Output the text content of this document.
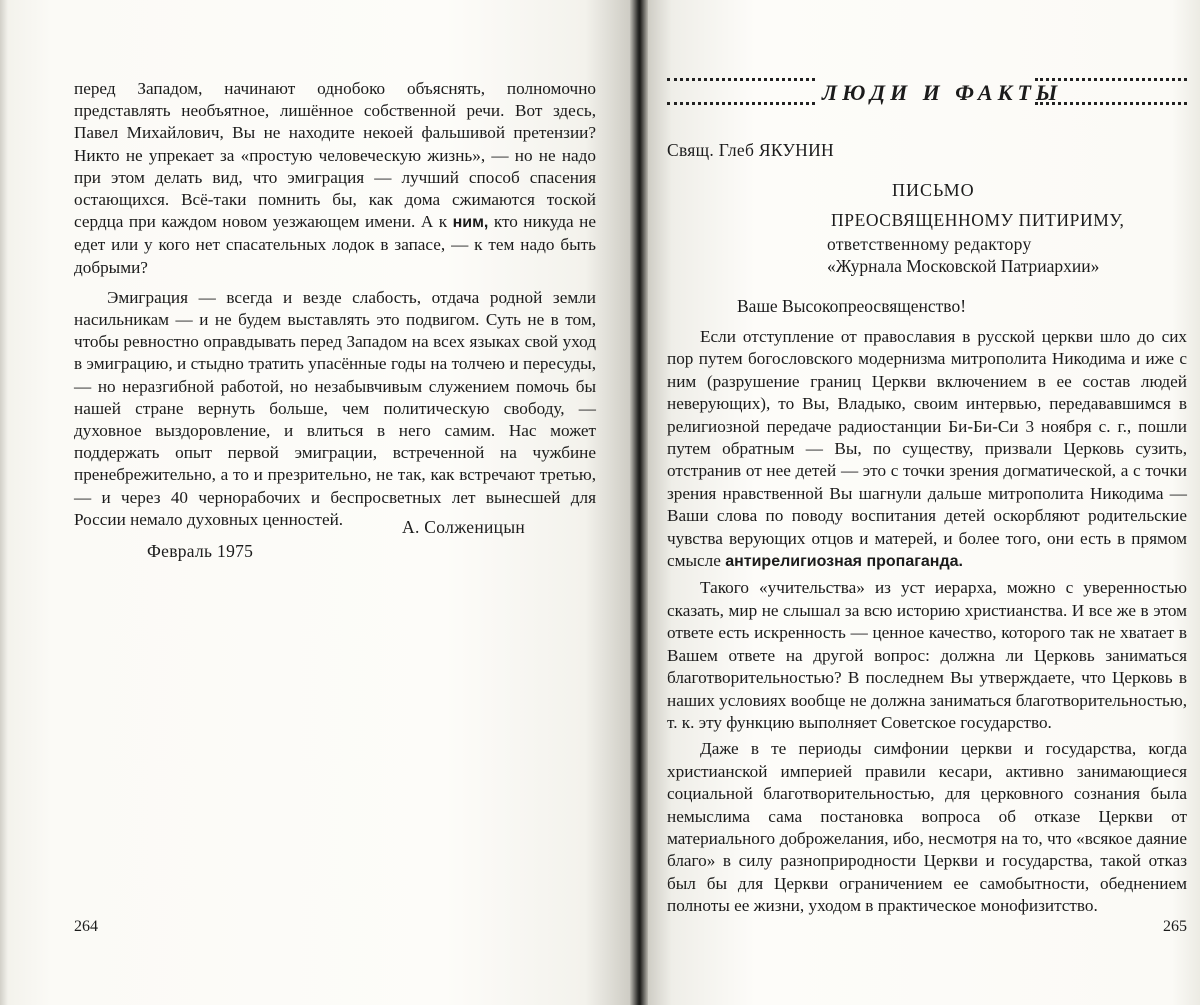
перед Западом, начинают однобоко объяснять, полномочно представлять необъятное, лишённое собственной речи. Вот здесь, Павел Михайлович, Вы не находите некоей фальшивой претензии? Никто не упрекает за «простую человеческую жизнь», — но не надо при этом делать вид, что эмиграция — лучший способ спасения остающихся. Всё-таки помнить бы, как дома сжимаются тоской сердца при каждом новом уезжающем имени. А к ним, кто никуда не едет или у кого нет спасательных лодок в запасе, — к тем надо быть добрыми?

Эмиграция — всегда и везде слабость, отдача родной земли насильникам — и не будем выставлять это подвигом. Суть не в том, чтобы ревностно оправдывать перед Западом на всех языках свой уход в эмиграцию, и стыдно тратить упасённые годы на толчею и пересуды, — но неразгибной работой, но незабывчивым служением помочь бы нашей стране вернуть больше, чем политическую свободу, — духовное выздоровление, и влиться в него самим. Нас может поддержать опыт первой эмиграции, встреченной на чужбине пренебрежительно, а то и презрительно, не так, как встречают третью, — и через 40 чернорабочих и беспросветных лет вынесшей для России немало духовных ценностей.	А. Солженицын
Февраль 1975
264
ЛЮДИ И ФАКТЫ
Свящ. Глеб ЯКУНИН
ПИСЬМО
ПРЕОСВЯЩЕННОМУ ПИТИРИМУ,
ответственному редактору
«Журнала Московской Патриархии»
Ваше Высокопреосвященство!

Если отступление от православия в русской церкви шло до сих пор путем богословского модернизма митрополита Никодима и иже с ним (разрушение границ Церкви включением в ее состав людей неверующих), то Вы, Владыко, своим интервью, передававшимся в религиозной передаче радиостанции Би-Би-Си 3 ноября с. г., пошли путем обратным — Вы, по существу, призвали Церковь сузить, отстранив от нее детей — это с точки зрения догматической, а с точки зрения нравственной Вы шагнули дальше митрополита Никодима — Ваши слова по поводу воспитания детей оскорбляют родительские чувства верующих отцов и матерей, и более того, они есть в прямом смысле антирелигиозная пропаганда.

Такого «учительства» из уст иерарха, можно с уверенностью сказать, мир не слышал за всю историю христианства. И все же в этом ответе есть искренность — ценное качество, которого так не хватает в Вашем ответе на другой вопрос: должна ли Церковь заниматься благотворительностью? В последнем Вы утверждаете, что Церковь в наших условиях вообще не должна заниматься благотворительностью, т. к. эту функцию выполняет Советское государство.

Даже в те периоды симфонии церкви и государства, когда христианской империей правили кесари, активно занимающиеся социальной благотворительностью, для церковного сознания была немыслима сама постановка вопроса об отказе Церкви от материального доброжелания, ибо, несмотря на то, что «всякое даяние благо» в силу разноприродности Церкви и государства, такой отказ был бы для Церкви ограничением ее самобытности, обеднением полноты ее жизни, уходом в практическое монофизитство.

265
